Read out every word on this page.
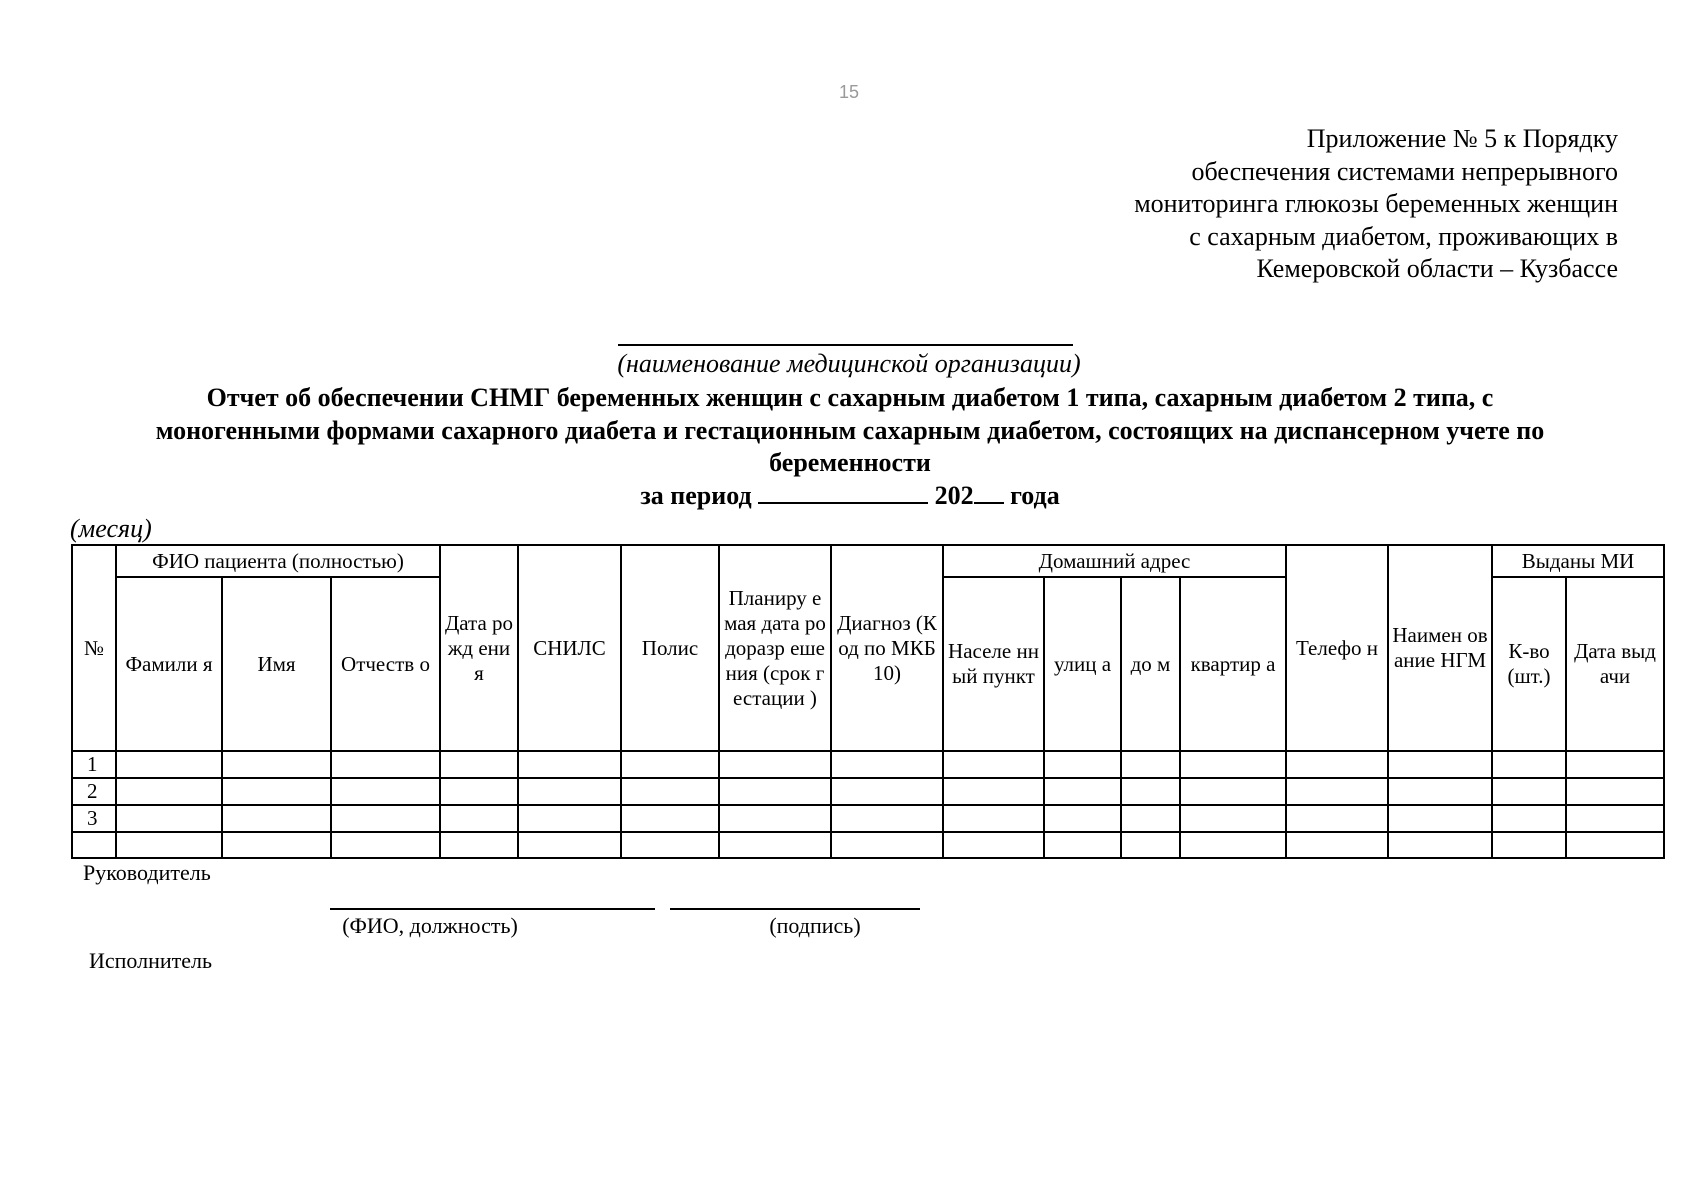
15
Приложение № 5 к Порядку
обеспечения системами непрерывного
мониторинга глюкозы беременных женщин
с сахарным диабетом, проживающих в
Кемеровской области – Кузбассе
(наименование медицинской организации)
Отчет об обеспечении СНМГ беременных женщин с сахарным диабетом 1 типа, сахарным диабетом 2 типа, с
моногенными формами сахарного диабета и гестационным сахарным диабетом, состоящих на диспансерном учете по
беременности
за период	202 года
(месяц)
№	ФИО пациента (полностью)			Дата рожд ения	СНИЛС	Полис	Планиру емая дата родоразр ешения (срок гестации )	Диагноз (Код по МКБ 10)	Домашний адрес				Телефо н	Наимен ование НГМ	Выданы МИ	
	Фамили я	Имя	Отчеств о						Населе нный пункт	улиц а	до м	квартир а			К-во (шт.)	Дата выдачи
1																
2																
3																

Руководитель
(ФИО, должность)	(подпись)
Исполнитель
